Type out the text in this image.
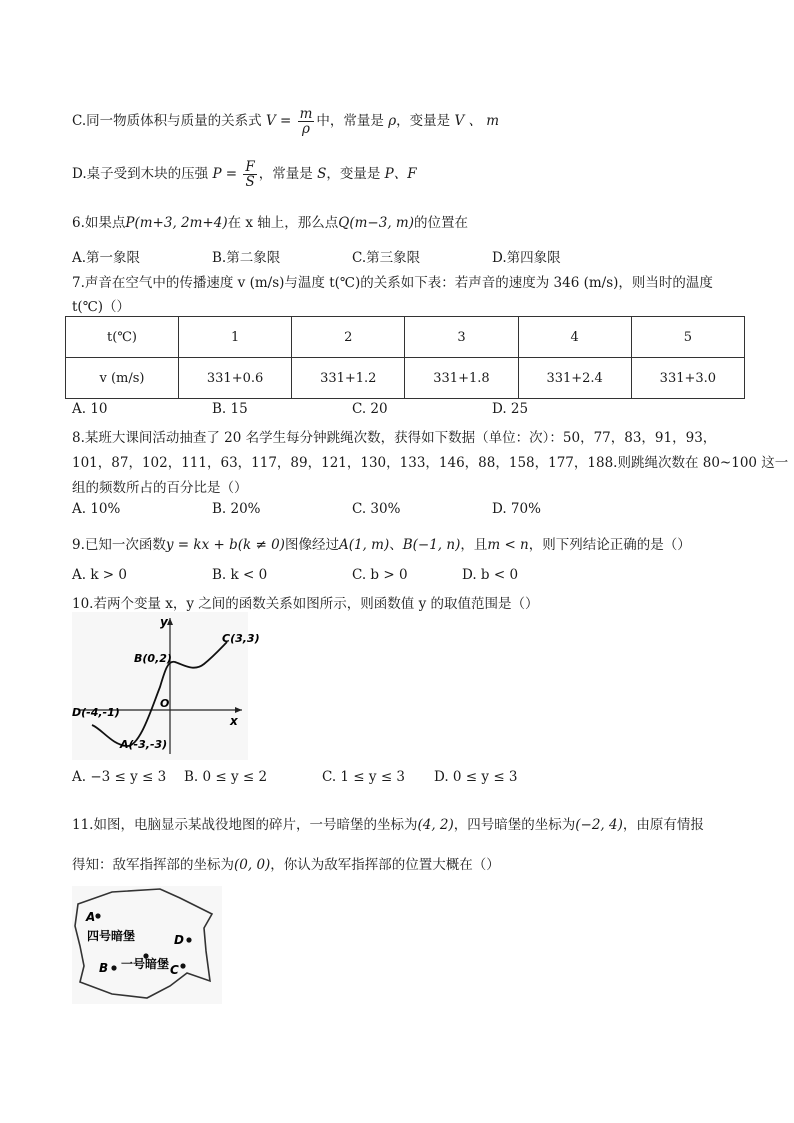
C.同一物质体积与质量的关系式 $V = \frac{m}{\rho}$ 中，常量是 ρ，变量是 V 、 m
D.桌子受到木块的压强 $P = \frac{F}{S}$ ，常量是 S，变量是 P、F
6.如果点P(m+3, 2m+4)在 x 轴上，那么点Q(m−3, m)的位置在
A.第一象限	B.第二象限	C.第三象限	D.第四象限
7.声音在空气中的传播速度 v (m/s)与温度 t(℃)的关系如下表：若声音的速度为 346 (m/s)，则当时的温度
t(℃)（）
t(℃)	1	2	3	4	5
v (m/s)	331+0.6	331+1.2	331+1.8	331+2.4	331+3.0
A. 10	B. 15	C. 20	D. 25
8.某班大课间活动抽查了 20 名学生每分钟跳绳次数，获得如下数据（单位：次）：50，77，83，91，93，
101，87，102，111，63，117，89，121，130，133，146，88，158，177，188.则跳绳次数在 80~100 这一
组的频数所占的百分比是（）
A. 10%	B. 20%	C. 30%	D. 70%
9.已知一次函数y = kx + b(k ≠ 0)图像经过A(1, m)、B(−1, n)，且m < n，则下列结论正确的是（）
A. k > 0	B. k < 0	C. b > 0	D. b < 0
10.若两个变量 x，y 之间的函数关系如图所示，则函数值 y 的取值范围是（）
y
x
O
B(0,2)
C(3,3)
D(-4,-1)
A(-3,-3)
A. −3 ≤ y ≤ 3 B. 0 ≤ y ≤ 2	C. 1 ≤ y ≤ 3 D. 0 ≤ y ≤ 3
11.如图，电脑显示某战役地图的碎片，一号暗堡的坐标为(4, 2)，四号暗堡的坐标为(−2, 4)，由原有情报
得知：敌军指挥部的坐标为(0, 0)，你认为敌军指挥部的位置大概在（）
A
四号暗堡	D
B 一号暗堡 C
